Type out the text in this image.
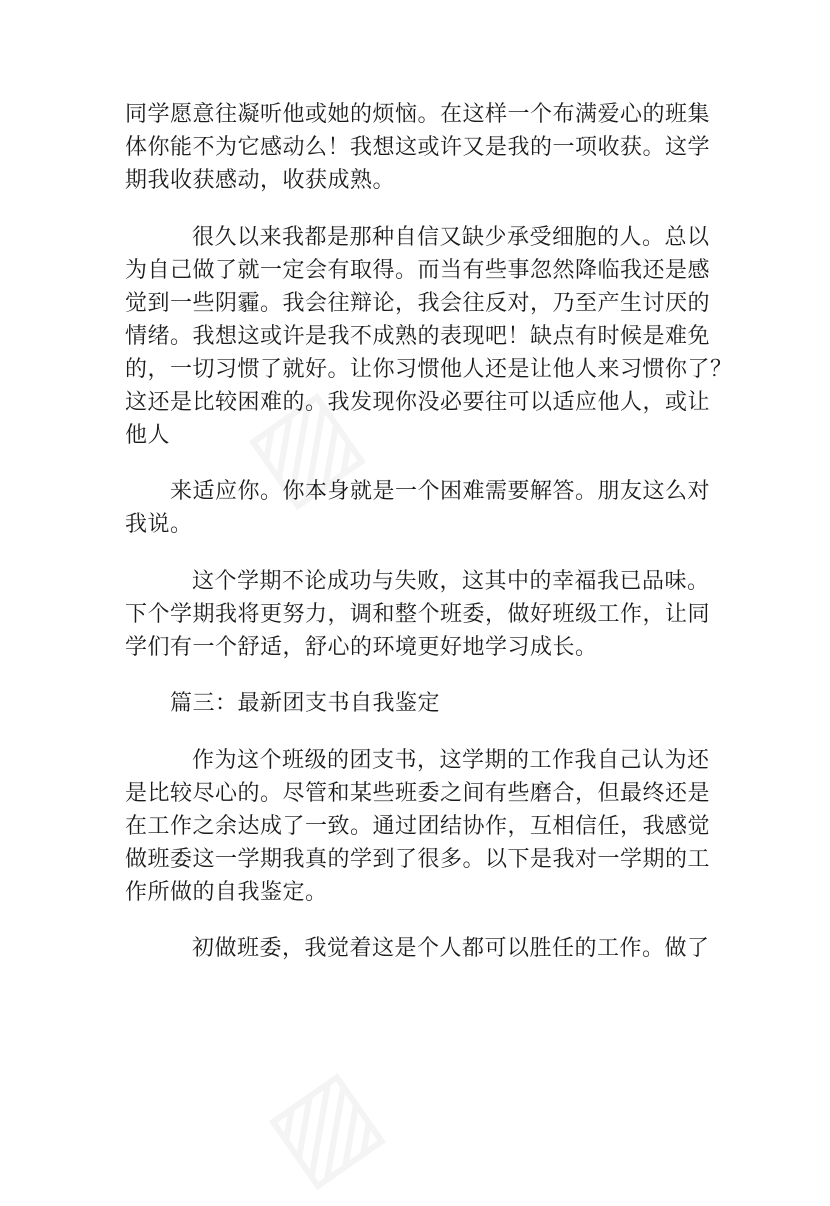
同学愿意往凝听他或她的烦恼。在这样一个布满爱心的班集

体你能不为它感动么！我想这或许又是我的一项收获。这学

期我收获感动，收获成熟。

很久以来我都是那种自信又缺少承受细胞的人。总以

为自己做了就一定会有取得。而当有些事忽然降临我还是感

觉到一些阴霾。我会往辩论，我会往反对，乃至产生讨厌的

情绪。我想这或许是我不成熟的表现吧！缺点有时候是难免

的，一切习惯了就好。让你习惯他人还是让他人来习惯你了？

这还是比较困难的。我发现你没必要往可以适应他人，或让

他人

来适应你。你本身就是一个困难需要解答。朋友这么对

我说。

这个学期不论成功与失败，这其中的幸福我已品味。

下个学期我将更努力，调和整个班委，做好班级工作，让同

学们有一个舒适，舒心的环境更好地学习成长。

篇三：最新团支书自我鉴定

作为这个班级的团支书，这学期的工作我自己认为还

是比较尽心的。尽管和某些班委之间有些磨合，但最终还是

在工作之余达成了一致。通过团结协作，互相信任，我感觉

做班委这一学期我真的学到了很多。以下是我对一学期的工

作所做的自我鉴定。

初做班委，我觉着这是个人都可以胜任的工作。做了
